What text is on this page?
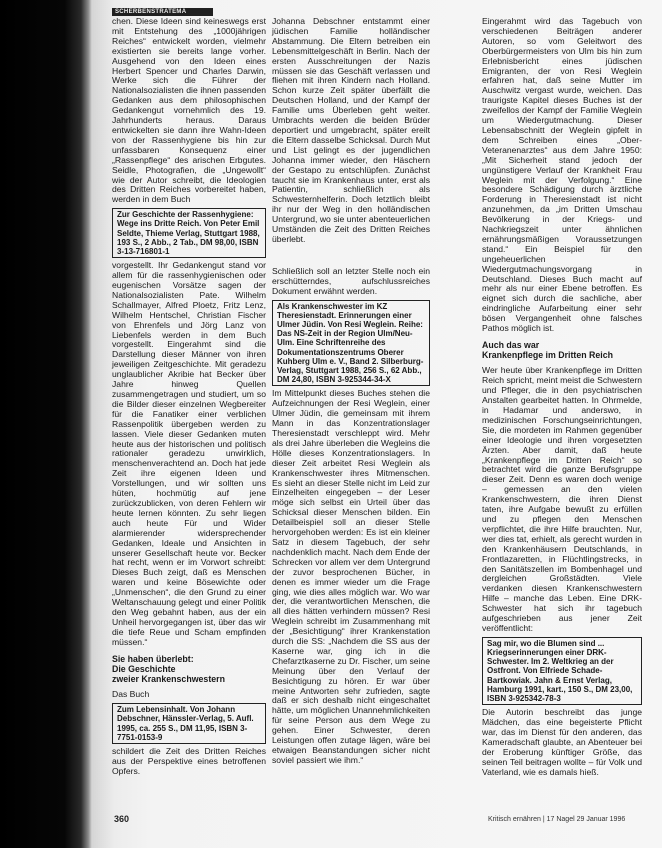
SCHERBENSTRATEMA

chen. Diese Ideen sind keineswegs erst mit Entstehung des „1000jährigen Reiches“ entwickelt worden, vielmehr existierten sie bereits lange vorher. Ausgehend von den Ideen eines Herbert Spencer und Charles Darwin, Werke sich die Führer der Nationalsozialisten die ihnen passenden Gedanken aus dem philosophischen Gedankengut vornehmlich des 19. Jahrhunderts heraus. Daraus entwickelten sie dann ihre Wahn-Ideen von der Rassenhygiene bis hin zur unfassbaren Konsequenz einer „Rassenpflege“ des arischen Erbgutes. Seidle, Photografien, die „Ungewollt“ wie der Autor schreibt, die Ideologien des Dritten Reiches vorbereitet haben, werden in dem Buch

Zur Geschichte der Rassenhygiene: Wege ins Dritte Reich. Von Peter Emil Seldte, Thieme Verlag, Stuttgart 1988, 193 S., 2 Abb., 2 Tab., DM 98,00, ISBN 3-13-716801-1

vorgestellt. Ihr Gedankengut stand vor allem für die rassenhygienischen oder eugenischen Vorsätze sagen der Nationalsozialisten Pate. Wilhelm Schallmayer, Alfred Ploetz, Fritz Lenz, Wilhelm Hentschel, Christian Fischer von Ehrenfels und Jörg Lanz von Liebenfels werden in dem Buch vorgestellt. Eingerahmt sind die Darstellung dieser Männer von ihren jeweiligen Zeitgeschichte. Mit geradezu unglaublicher Akribie hat Becker über Jahre hinweg Quellen zusammengetragen und studiert, um so die Bilder dieser einzelnen Wegbereiter für die Fanatiker einer verblichen Rassenpolitik übergeben werden zu lassen. Viele dieser Gedanken muten heute aus der historischen und politisch rationaler geradezu unwirklich, menschenverachtend an. Doch hat jede Zeit ihre eigenen Ideen und Vorstellungen, und wir sollten uns hüten, hochmütig auf jene zurückzublicken, von deren Fehlern wir heute lernen könnten. Zu sehr liegen auch heute Für und Wider alarmierender widersprechender Gedanken, Ideale und Ansichten in unserer Gesellschaft heute vor. Becker hat recht, wenn er im Vorwort schreibt: Dieses Buch zeigt, daß es Menschen waren und keine Bösewichte oder „Unmenschen“, die den Grund zu einer Weltanschauung gelegt und einer Politik den Weg gebahnt haben, aus der ein Unheil hervorgegangen ist, über das wir die tiefe Reue und Scham empfinden müssen.“

Sie haben überlebt:

Die Geschichte

zweier Krankenschwestern

Das Buch

Zum Lebensinhalt. Von Johann Debschner, Hänssler-Verlag, 5. Aufl. 1995, ca. 255 S., DM 11,95, ISBN 3-7751-0153-9

schildert die Zeit des Dritten Reiches aus der Perspektive eines betroffenen Opfers.

Johanna Debschner entstammt einer jüdischen Familie holländischer Abstammung. Die Eltern betreiben ein Lebensmittelgeschäft in Berlin. Nach der ersten Ausschreitungen der Nazis müssen sie das Geschäft verlassen und fliehen mit ihren Kindern nach Holland. Schon kurze Zeit später überfällt die Deutschen Holland, und der Kampf der Familie ums Überleben geht weiter. Umbrachts werden die beiden Brüder deportiert und umgebracht, später ereilt die Eltern dasselbe Schicksal. Durch Mut und List gelingt es der jugendlichen Johanna immer wieder, den Häschern der Gestapo zu entschlüpfen. Zunächst taucht sie im Krankenhaus unter, erst als Patientin, schließlich als Schwesternhelferin. Doch letztlich bleibt ihr nur der Weg in den holländischen Untergrund, wo sie unter abenteuerlichen Umständen die Zeit des Dritten Reiches überlebt.

Schließlich soll an letzter Stelle noch ein erschütterndes, aufschlussreiches Dokument erwähnt werden.

Als Krankenschwester im KZ Theresienstadt. Erinnerungen einer Ulmer Jüdin. Von Resi Weglein. Reihe: Das NS-Zeit in der Region Ulm/Neu-Ulm. Eine Schriftenreihe des Dokumentationszentrums Oberer Kuhberg Ulm e. V., Band 2. Silberburg-Verlag, Stuttgart 1988, 256 S., 62 Abb., DM 24,80, ISBN 3-925344-34-X

Im Mittelpunkt dieses Buches stehen die Aufzeichnungen der Resi Weglein, einer Ulmer Jüdin, die gemeinsam mit ihrem Mann in das Konzentrationslager Theresienstadt verschleppt wird. Mehr als drei Jahre überleben die Wegleins die Hölle dieses Konzentrationslagers. In dieser Zeit arbeitet Resi Weglein als Krankenschwester ihres Mitmenschen. Es sieht an dieser Stelle nicht im Leid zur Einzelheiten eingegeben – der Leser möge sich selbst ein Urteil über das Schicksal dieser Menschen bilden. Ein Detailbeispiel soll an dieser Stelle hervorgehoben werden: Es ist ein kleiner Satz in diesem Tagebuch, der sehr nachdenklich macht. Nach dem Ende der Schrecken vor allem ver dem Untergrund der zuvor besprochenen Bücher, in denen es immer wieder um die Frage ging, wie dies alles möglich war. Wo war der, die verantwortlichen Menschen, die all dies hätten verhindern müssen? Resi Weglein schreibt im Zusammenhang mit der „Besichtigung“ ihrer Krankenstation durch die SS: „Nachdem die SS aus der Kaserne war, ging ich in die Chefarztkaserne zu Dr. Fischer, um seine Meinung über den Verlauf der Besichtigung zu hören. Er war über meine Antworten sehr zufrieden, sagte daß er sich deshalb nicht eingeschaltet hätte, um möglichen Unannehmlichkeiten für seine Person aus dem Wege zu gehen. Einer Schwester, deren Leistungen offen zutage lägen, wäre bei etwaigen Beanstandungen sicher nicht soviel passiert wie ihm.“

Eingerahmt wird das Tagebuch von verschiedenen Beiträgen anderer Autoren, so vom Geleitwort des Oberbürgermeisters von Ulm bis hin zum Erlebnisbericht eines jüdischen Emigranten, der von Resi Weglein erfahren hat, daß seine Mutter im Auschwitz vergast wurde, weichen. Das traurigste Kapitel dieses Buches ist der zweifellos der Kampf der Familie Weglein um Wiedergutmachung. Dieser Lebensabschnitt der Weglein gipfelt in dem Schreiben eines „Ober-Veteranenarztes“ aus dem Jahre 1950: „Mit Sicherheit stand jedoch der ungünstigere Verlauf der Krankheit Frau Weglein mit der Verfolgung.“ Eine besondere Schädigung durch ärztliche Forderung in Theresienstadt ist nicht anzunehmen, da „im Dritten Umschau Bevölkerung in der Kriegs- und Nachkriegszeit unter ähnlichen ernährungsmäßigen Voraussetzungen stand.“ Ein Beispiel für den ungeheuerlichen Wiedergutmachungsvorgang in Deutschland. Dieses Buch macht auf mehr als nur einer Ebene betroffen. Es eignet sich durch die sachliche, aber eindringliche Aufarbeitung einer sehr bösen Vergangenheit ohne falsches Pathos möglich ist.

Auch das war

Krankenpflege im Dritten Reich

Wer heute über Krankenpflege im Dritten Reich spricht, meint meist die Schwestern und Pfleger, die in den psychiatrischen Anstalten gearbeitet hatten. In Ohrmelde, in Hadamar und anderswo, in medizinischen Forschungseinrichtungen, Sie, die mordeten im Rahmen gegenüber einer Ideologie und ihren vorgesetzten Ärzten. Aber damit, daß heute „Krankenpflege im Dritten Reich“ so betrachtet wird die ganze Berufsgruppe dieser Zeit. Denn es waren doch wenige – gemessen an den vielen Krankenschwestern, die ihren Dienst taten, ihre Aufgabe bewußt zu erfüllen und zu pflegen den Menschen verpflichtet, die ihre Hilfe brauchten. Nur, wer dies tat, erhielt, als gerecht wurden in den Krankenhäusern Deutschlands, in Frontlazaretten, in Flüchtlingstrecks, in den Sanitätszellen im Bombenhagel und dergleichen Großstädten. Viele verdanken diesen Krankenschwestern Hilfe – manche das Leben. Eine DRK-Schwester hat sich ihr tagebuch aufgeschrieben aus jener Zeit veröffentlicht:

Sag mir, wo die Blumen sind ... Kriegserinnerungen einer DRK-Schwester. Im 2. Weltkrieg an der Ostfront. Von Elfriede Schade-Bartkowiak. Jahn & Ernst Verlag, Hamburg 1991, kart., 150 S., DM 23,00, ISBN 3-925342-78-3

Die Autorin beschreibt das junge Mädchen, das eine begeisterte Pflicht war, das im Dienst für den anderen, das Kameradschaft glaubte, an Abenteuer bei der Eroberung künftiger Größe, das seinen Teil beitragen wollte – für Volk und Vaterland, wie es damals hieß.

360	Kritisch ernähren | 17 Nagel 29 Januar 1996
